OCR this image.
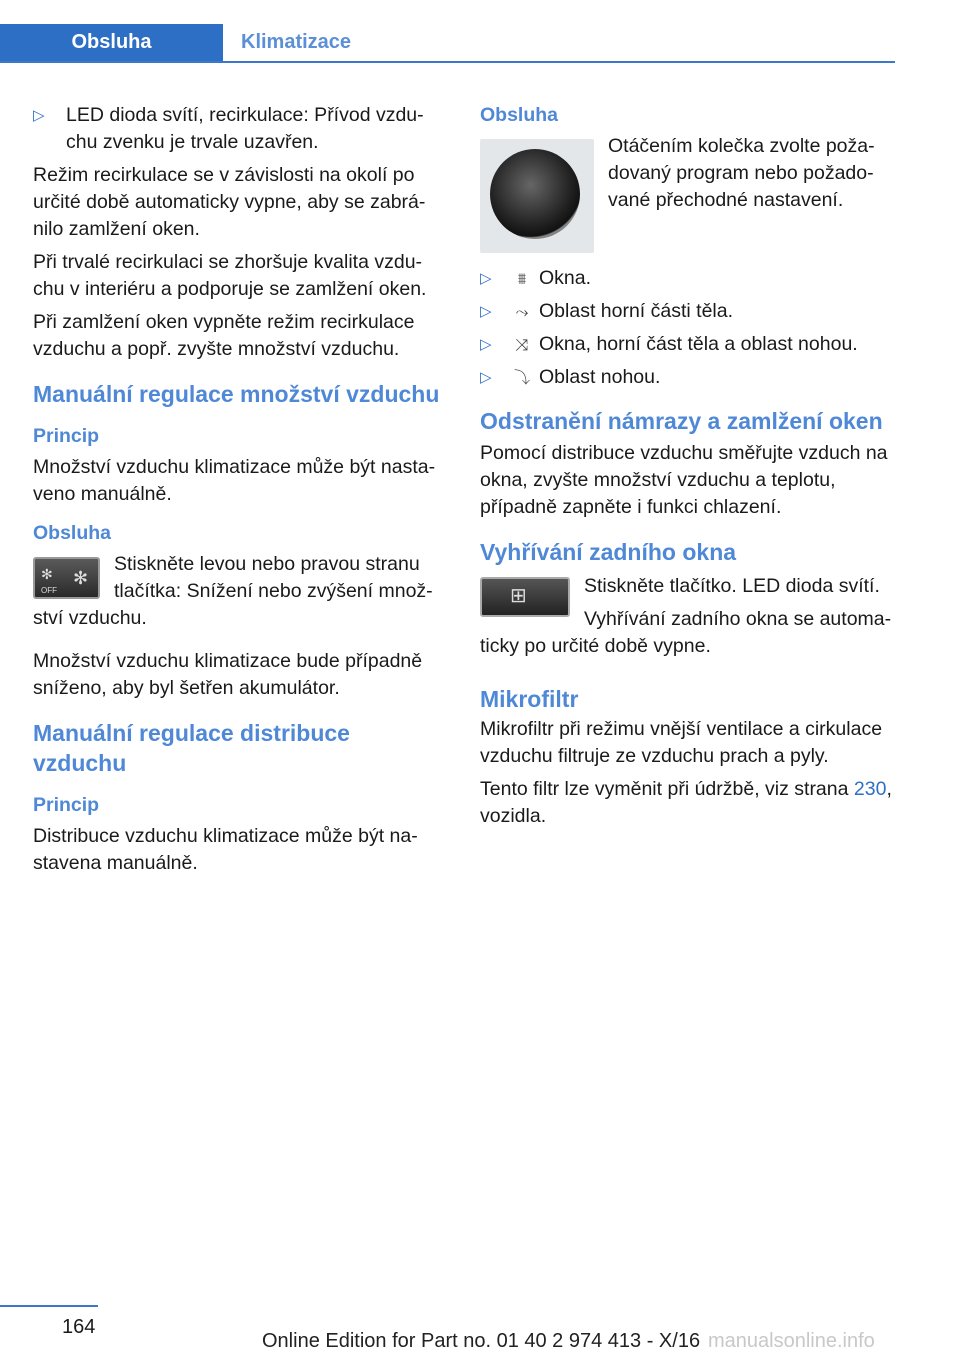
Obsluha	Klimatizace
▷ LED dioda svítí, recirkulace: Přívod vzdu-chu zvenku je trvale uzavřen.

Režim recirkulace se v závislosti na okolí po určité době automaticky vypne, aby se zabrá-nilo zamlžení oken.

Při trvalé recirkulaci se zhoršuje kvalita vzdu-chu v interiéru a podporuje se zamlžení oken.

Při zamlžení oken vypněte režim recirkulace vzduchu a popř. zvyšte množství vzduchu.

Manuální regulace množství vzduchu
Princip

Množství vzduchu klimatizace může být nasta-veno manuálně.

Obsluha
✻
OFF
✻

Stiskněte levou nebo pravou stranu tlačítka: Snížení nebo zvýšení množ-ství vzduchu.

Množství vzduchu klimatizace bude případně sníženo, aby byl šetřen akumulátor.

Manuální regulace distribuce vzduchu
Princip

Distribuce vzduchu klimatizace může být na-stavena manuálně.

Obsluha

Otáčením kolečka zvolte poža-dovaný program nebo požado-vané přechodné nastavení.

▷ ⩩ Okna.
▷ ⤳ Oblast horní části těla.
▷ ⤨ Okna, horní část těla a oblast nohou.
▷ ⤵ Oblast nohou.
Odstranění námrazy a zamlžení oken

Pomocí distribuce vzduchu směřujte vzduch na okna, zvyšte množství vzduchu a teplotu, případně zapněte i funkci chlazení.

Vyhřívání zadního okna
⊞	Stiskněte tlačítko. LED dioda svítí.

Vyhřívání zadního okna se automa-ticky po určité době vypne.

Mikrofiltr

Mikrofiltr při režimu vnější ventilace a cirkulace vzduchu filtruje ze vzduchu prach a pyly.

Tento filtr lze vyměnit při údržbě, viz strana 230, vozidla.

164
Online Edition for Part no. 01 40 2 974 413 - X/16 manualsonline.info
